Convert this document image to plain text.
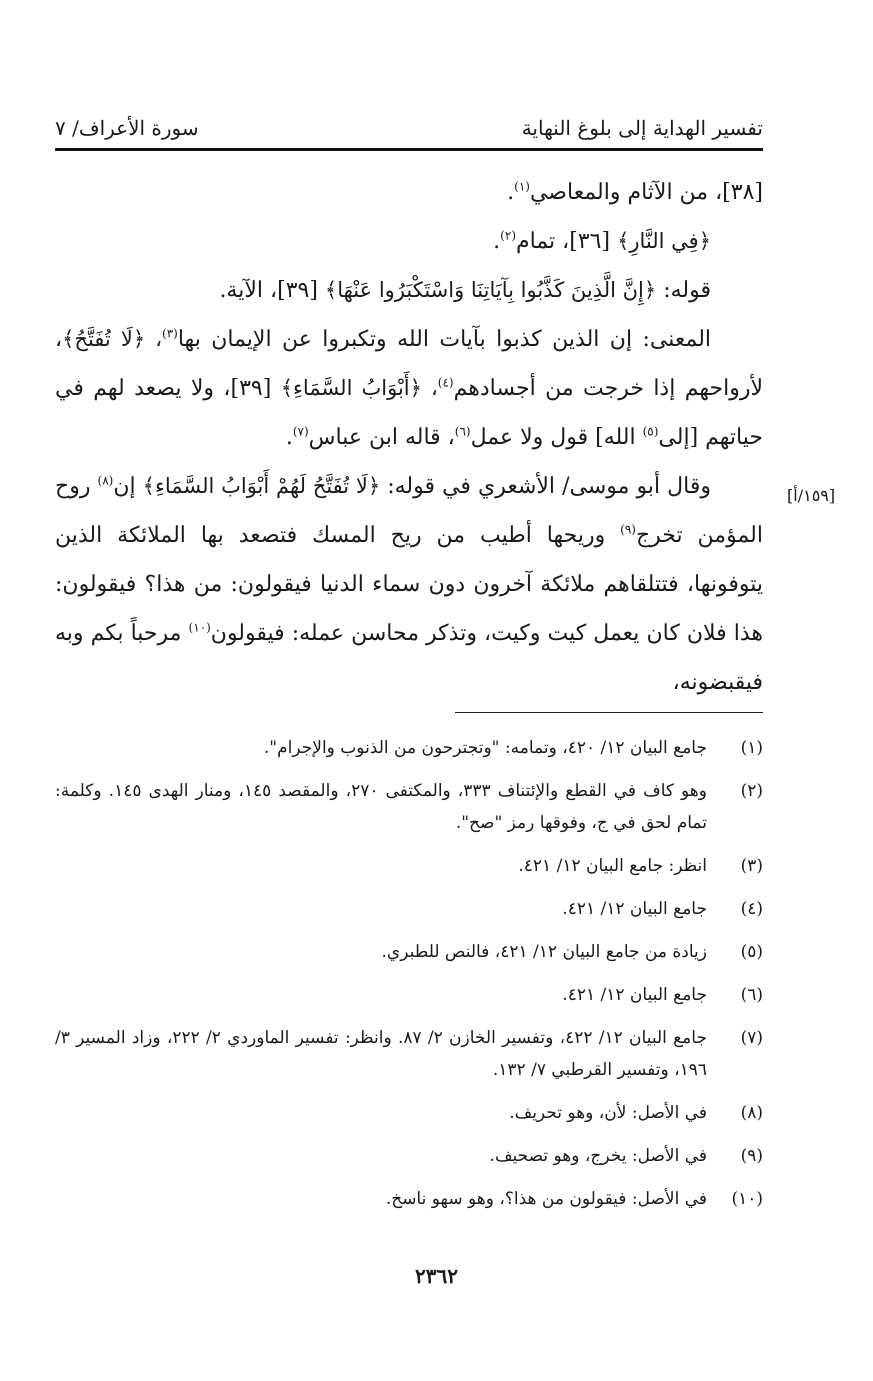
تفسير الهداية إلى بلوغ النهاية
سورة الأعراف/ ٧
[١٥٩/أ]

[٣٨]، من الآثام والمعاصي$^{(١)}$.

﴿فِي النَّارِ﴾ [٣٦]، تمام$^{(٢)}$.

قوله: ﴿إِنَّ الَّذِينَ كَذَّبُوا بِآيَاتِنَا وَاسْتَكْبَرُوا عَنْهَا﴾ [٣٩]، الآية.

المعنى: إن الذين كذبوا بآيات الله وتكبروا عن الإيمان بها$^{(٣)}$، ﴿لَا تُفَتَّحُ﴾، لأرواحهم إذا خرجت من أجسادهم$^{(٤)}$، ﴿أَبْوَابُ السَّمَاءِ﴾ [٣٩]، ولا يصعد لهم في حياتهم [إلى$^{(٥)}$ الله] قول ولا عمل$^{(٦)}$، قاله ابن عباس$^{(٧)}$.

وقال أبو موسى/ الأشعري في قوله: ﴿لَا تُفَتَّحُ لَهُمْ أَبْوَابُ السَّمَاءِ﴾ إن$^{(٨)}$ روح المؤمن تخرج$^{(٩)}$ وريحها أطيب من ريح المسك فتصعد بها الملائكة الذين يتوفونها، فتتلقاهم ملائكة آخرون دون سماء الدنيا فيقولون: من هذا؟ فيقولون: هذا فلان كان يعمل كيت وكيت، وتذكر محاسن عمله: فيقولون$^{(١٠)}$ مرحباً بكم وبه فيقبضونه،

(١)
جامع البيان ١٢/ ٤٢٠، وتمامه: "وتجترحون من الذنوب والإجرام".
(٢)
وهو كاف في القطع والإئتناف ٣٣٣، والمكتفى ٢٧٠، والمقصد ١٤٥، ومنار الهدى ١٤٥. وكلمة: تمام لحق في ج، وفوقها رمز "صح".
(٣)
انظر: جامع البيان ١٢/ ٤٢١.
(٤)
جامع البيان ١٢/ ٤٢١.
(٥)
زيادة من جامع البيان ١٢/ ٤٢١، فالنص للطبري.
(٦)
جامع البيان ١٢/ ٤٢١.
(٧)
جامع البيان ١٢/ ٤٢٢، وتفسير الخازن ٢/ ٨٧. وانظر: تفسير الماوردي ٢/ ٢٢٢، وزاد المسير ٣/ ١٩٦، وتفسير القرطبي ٧/ ١٣٢.
(٨)
في الأصل: لأن، وهو تحريف.
(٩)
في الأصل: يخرج، وهو تصحيف.
(١٠)
في الأصل: فيقولون من هذا؟، وهو سهو ناسخ.
٢٣٦٢
